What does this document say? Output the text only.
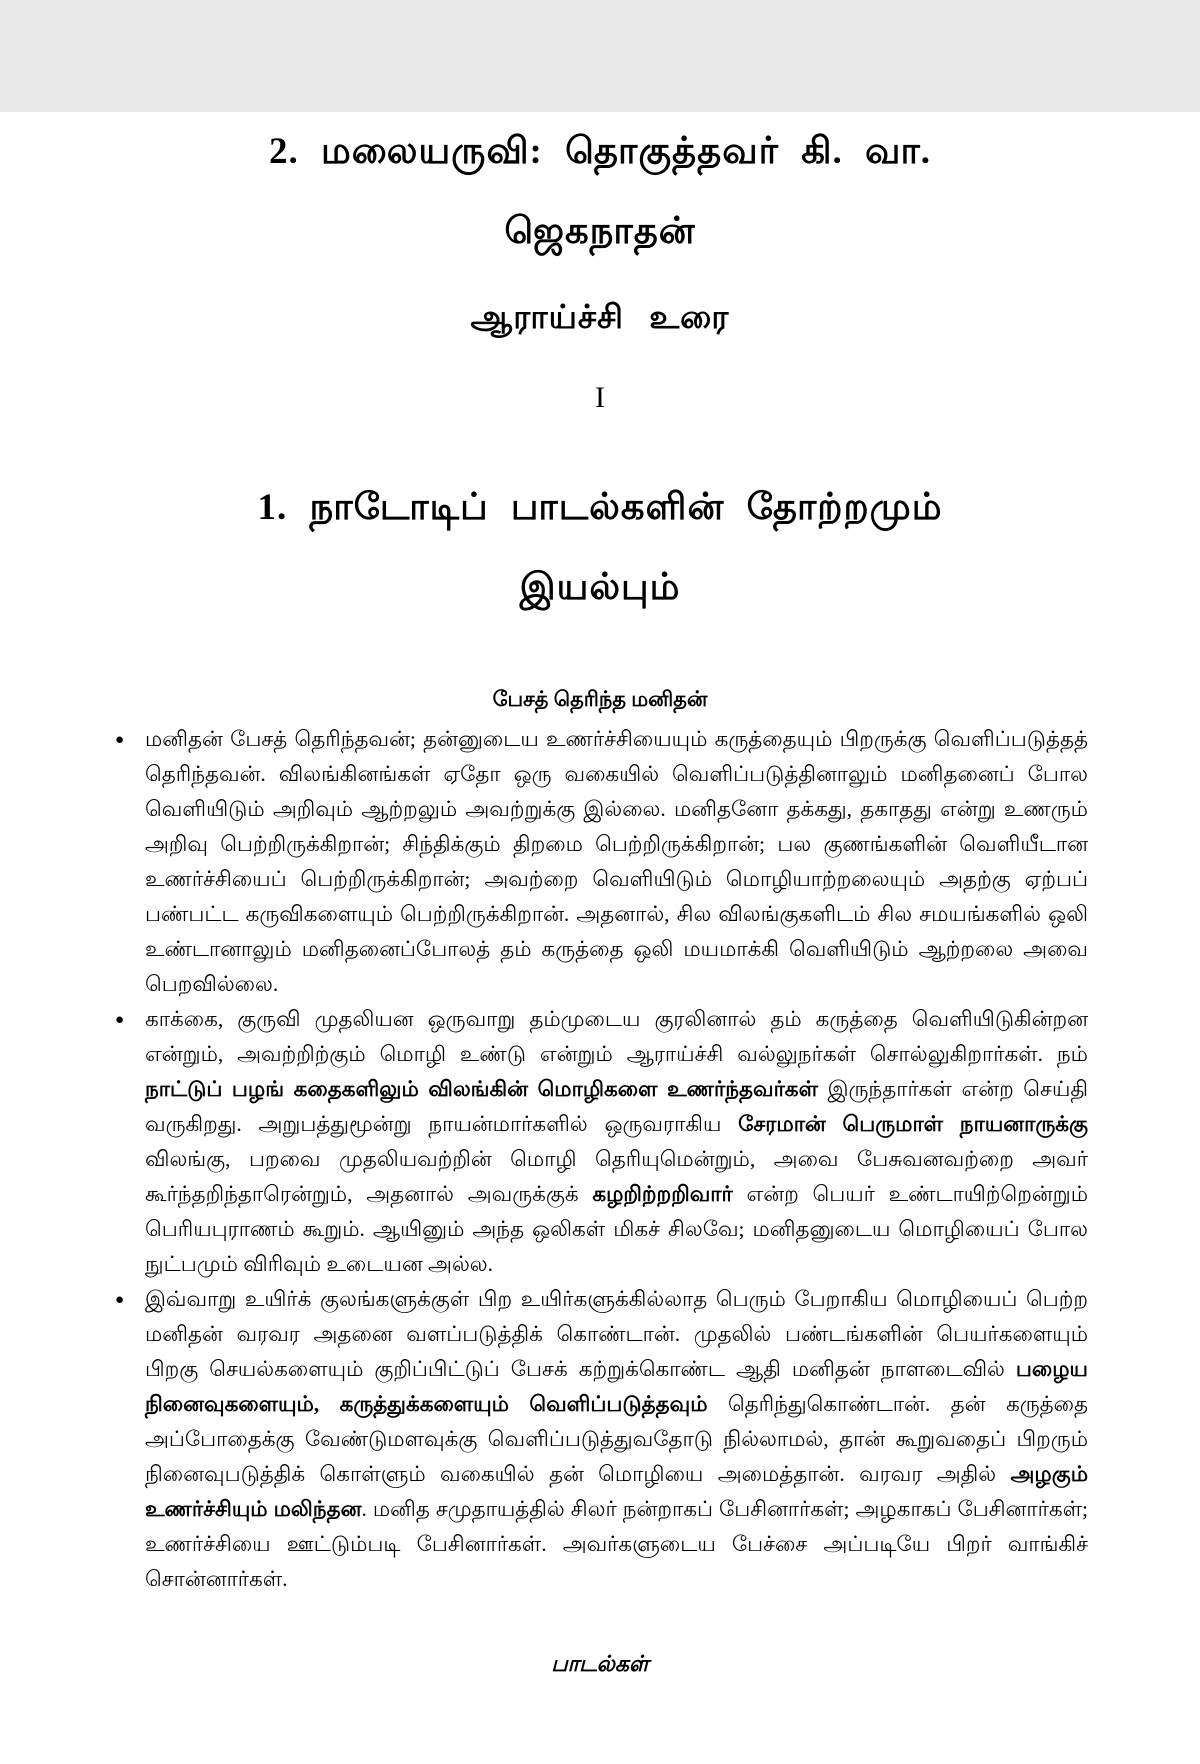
2. மலையருவி: தொகுத்தவர் கி. வா.
ஜெகநாதன்
ஆராய்ச்சி உரை
I
1. நாடோடிப் பாடல்களின் தோற்றமும்
இயல்பும்
பேசத் தெரிந்த மனிதன்
● மனிதன் பேசத் தெரிந்தவன்; தன்னுடைய உணர்ச்சியையும் கருத்தையும் பிறருக்கு வெளிப்படுத்தத் தெரிந்தவன். விலங்கினங்கள் ஏதோ ஒரு வகையில் வெளிப்படுத்தினாலும் மனிதனைப் போல வெளியிடும் அறிவும் ஆற்றலும் அவற்றுக்கு இல்லை. மனிதனோ தக்கது, தகாதது என்று உணரும் அறிவு பெற்றிருக்கிறான்; சிந்திக்கும் திறமை பெற்றிருக்கிறான்; பல குணங்களின் வெளியீடான உணர்ச்சியைப் பெற்றிருக்கிறான்; அவற்றை வெளியிடும் மொழியாற்றலையும் அதற்கு ஏற்பப் பண்பட்ட கருவிகளையும் பெற்றிருக்கிறான். அதனால், சில விலங்குகளிடம் சில சமயங்களில் ஒலி உண்டானாலும் மனிதனைப்போலத் தம் கருத்தை ஒலி மயமாக்கி வெளியிடும் ஆற்றலை அவை பெறவில்லை.
● காக்கை, குருவி முதலியன ஒருவாறு தம்முடைய குரலினால் தம் கருத்தை வெளியிடுகின்றன என்றும், அவற்றிற்கும் மொழி உண்டு என்றும் ஆராய்ச்சி வல்லுநர்கள் சொல்லுகிறார்கள். நம் நாட்டுப் பழங் கதைகளிலும் விலங்கின் மொழிகளை உணர்ந்தவர்கள் இருந்தார்கள் என்ற செய்தி வருகிறது. அறுபத்துமூன்று நாயன்மார்களில் ஒருவராகிய சேரமான் பெருமாள் நாயனாருக்கு விலங்கு, பறவை முதலியவற்றின் மொழி தெரியுமென்றும், அவை பேசுவனவற்றை அவர் கூர்ந்தறிந்தாரென்றும், அதனால் அவருக்குக் கழறிற்றறிவார் என்ற பெயர் உண்டாயிற்றென்றும் பெரியபுராணம் கூறும். ஆயினும் அந்த ஒலிகள் மிகச் சிலவே; மனிதனுடைய மொழியைப் போல நுட்பமும் விரிவும் உடையன அல்ல.
● இவ்வாறு உயிர்க் குலங்களுக்குள் பிற உயிர்களுக்கில்லாத பெரும் பேறாகிய மொழியைப் பெற்ற மனிதன் வரவர அதனை வளப்படுத்திக் கொண்டான். முதலில் பண்டங்களின் பெயர்களையும் பிறகு செயல்களையும் குறிப்பிட்டுப் பேசக் கற்றுக்கொண்ட ஆதி மனிதன் நாளடைவில் பழைய நினைவுகளையும், கருத்துக்களையும் வெளிப்படுத்தவும் தெரிந்துகொண்டான். தன் கருத்தை அப்போதைக்கு வேண்டுமளவுக்கு வெளிப்படுத்துவதோடு நில்லாமல், தான் கூறுவதைப் பிறரும் நினைவுபடுத்திக் கொள்ளும் வகையில் தன் மொழியை அமைத்தான். வரவர அதில் அழகும் உணர்ச்சியும் மலிந்தன. மனித சமுதாயத்தில் சிலர் நன்றாகப் பேசினார்கள்; அழகாகப் பேசினார்கள்; உணர்ச்சியை ஊட்டும்படி பேசினார்கள். அவர்களுடைய பேச்சை அப்படியே பிறர் வாங்கிச் சொன்னார்கள்.
பாடல்கள்
